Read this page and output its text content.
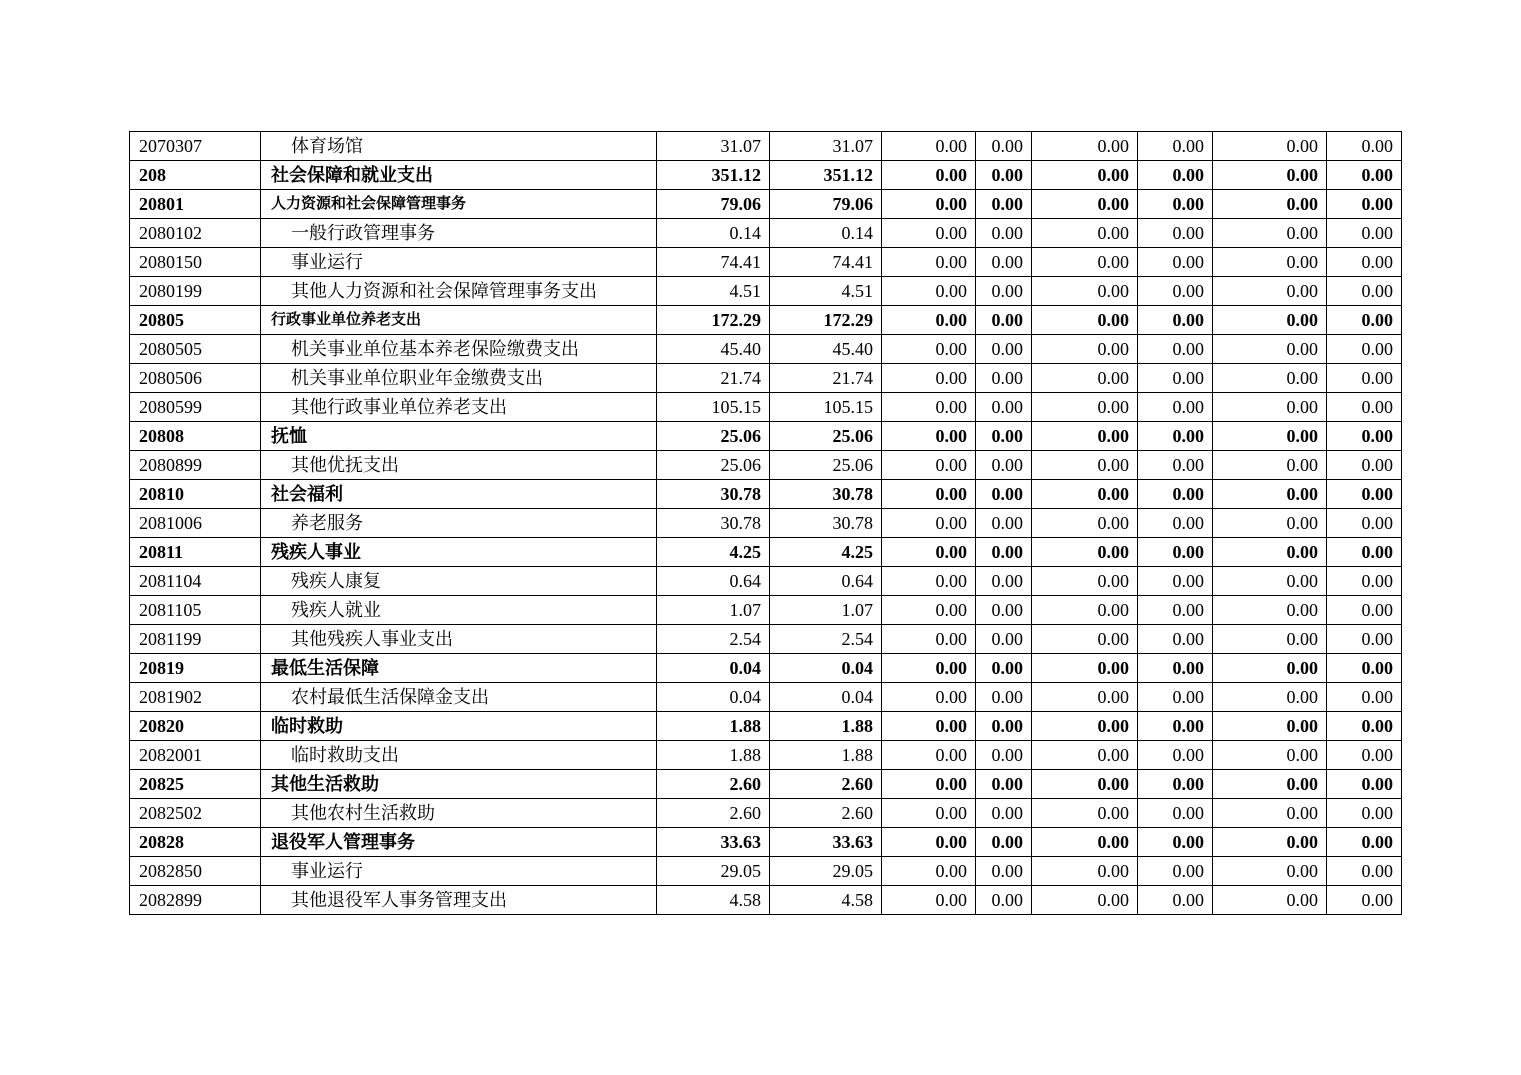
2070307	体育场馆	31.07	31.07	0.00	0.00	0.00	0.00	0.00	0.00
208	社会保障和就业支出	351.12	351.12	0.00	0.00	0.00	0.00	0.00	0.00
20801	人力资源和社会保障管理事务	79.06	79.06	0.00	0.00	0.00	0.00	0.00	0.00
2080102	一般行政管理事务	0.14	0.14	0.00	0.00	0.00	0.00	0.00	0.00
2080150	事业运行	74.41	74.41	0.00	0.00	0.00	0.00	0.00	0.00
2080199	其他人力资源和社会保障管理事务支出	4.51	4.51	0.00	0.00	0.00	0.00	0.00	0.00
20805	行政事业单位养老支出	172.29	172.29	0.00	0.00	0.00	0.00	0.00	0.00
2080505	机关事业单位基本养老保险缴费支出	45.40	45.40	0.00	0.00	0.00	0.00	0.00	0.00
2080506	机关事业单位职业年金缴费支出	21.74	21.74	0.00	0.00	0.00	0.00	0.00	0.00
2080599	其他行政事业单位养老支出	105.15	105.15	0.00	0.00	0.00	0.00	0.00	0.00
20808	抚恤	25.06	25.06	0.00	0.00	0.00	0.00	0.00	0.00
2080899	其他优抚支出	25.06	25.06	0.00	0.00	0.00	0.00	0.00	0.00
20810	社会福利	30.78	30.78	0.00	0.00	0.00	0.00	0.00	0.00
2081006	养老服务	30.78	30.78	0.00	0.00	0.00	0.00	0.00	0.00
20811	残疾人事业	4.25	4.25	0.00	0.00	0.00	0.00	0.00	0.00
2081104	残疾人康复	0.64	0.64	0.00	0.00	0.00	0.00	0.00	0.00
2081105	残疾人就业	1.07	1.07	0.00	0.00	0.00	0.00	0.00	0.00
2081199	其他残疾人事业支出	2.54	2.54	0.00	0.00	0.00	0.00	0.00	0.00
20819	最低生活保障	0.04	0.04	0.00	0.00	0.00	0.00	0.00	0.00
2081902	农村最低生活保障金支出	0.04	0.04	0.00	0.00	0.00	0.00	0.00	0.00
20820	临时救助	1.88	1.88	0.00	0.00	0.00	0.00	0.00	0.00
2082001	临时救助支出	1.88	1.88	0.00	0.00	0.00	0.00	0.00	0.00
20825	其他生活救助	2.60	2.60	0.00	0.00	0.00	0.00	0.00	0.00
2082502	其他农村生活救助	2.60	2.60	0.00	0.00	0.00	0.00	0.00	0.00
20828	退役军人管理事务	33.63	33.63	0.00	0.00	0.00	0.00	0.00	0.00
2082850	事业运行	29.05	29.05	0.00	0.00	0.00	0.00	0.00	0.00
2082899	其他退役军人事务管理支出	4.58	4.58	0.00	0.00	0.00	0.00	0.00	0.00
